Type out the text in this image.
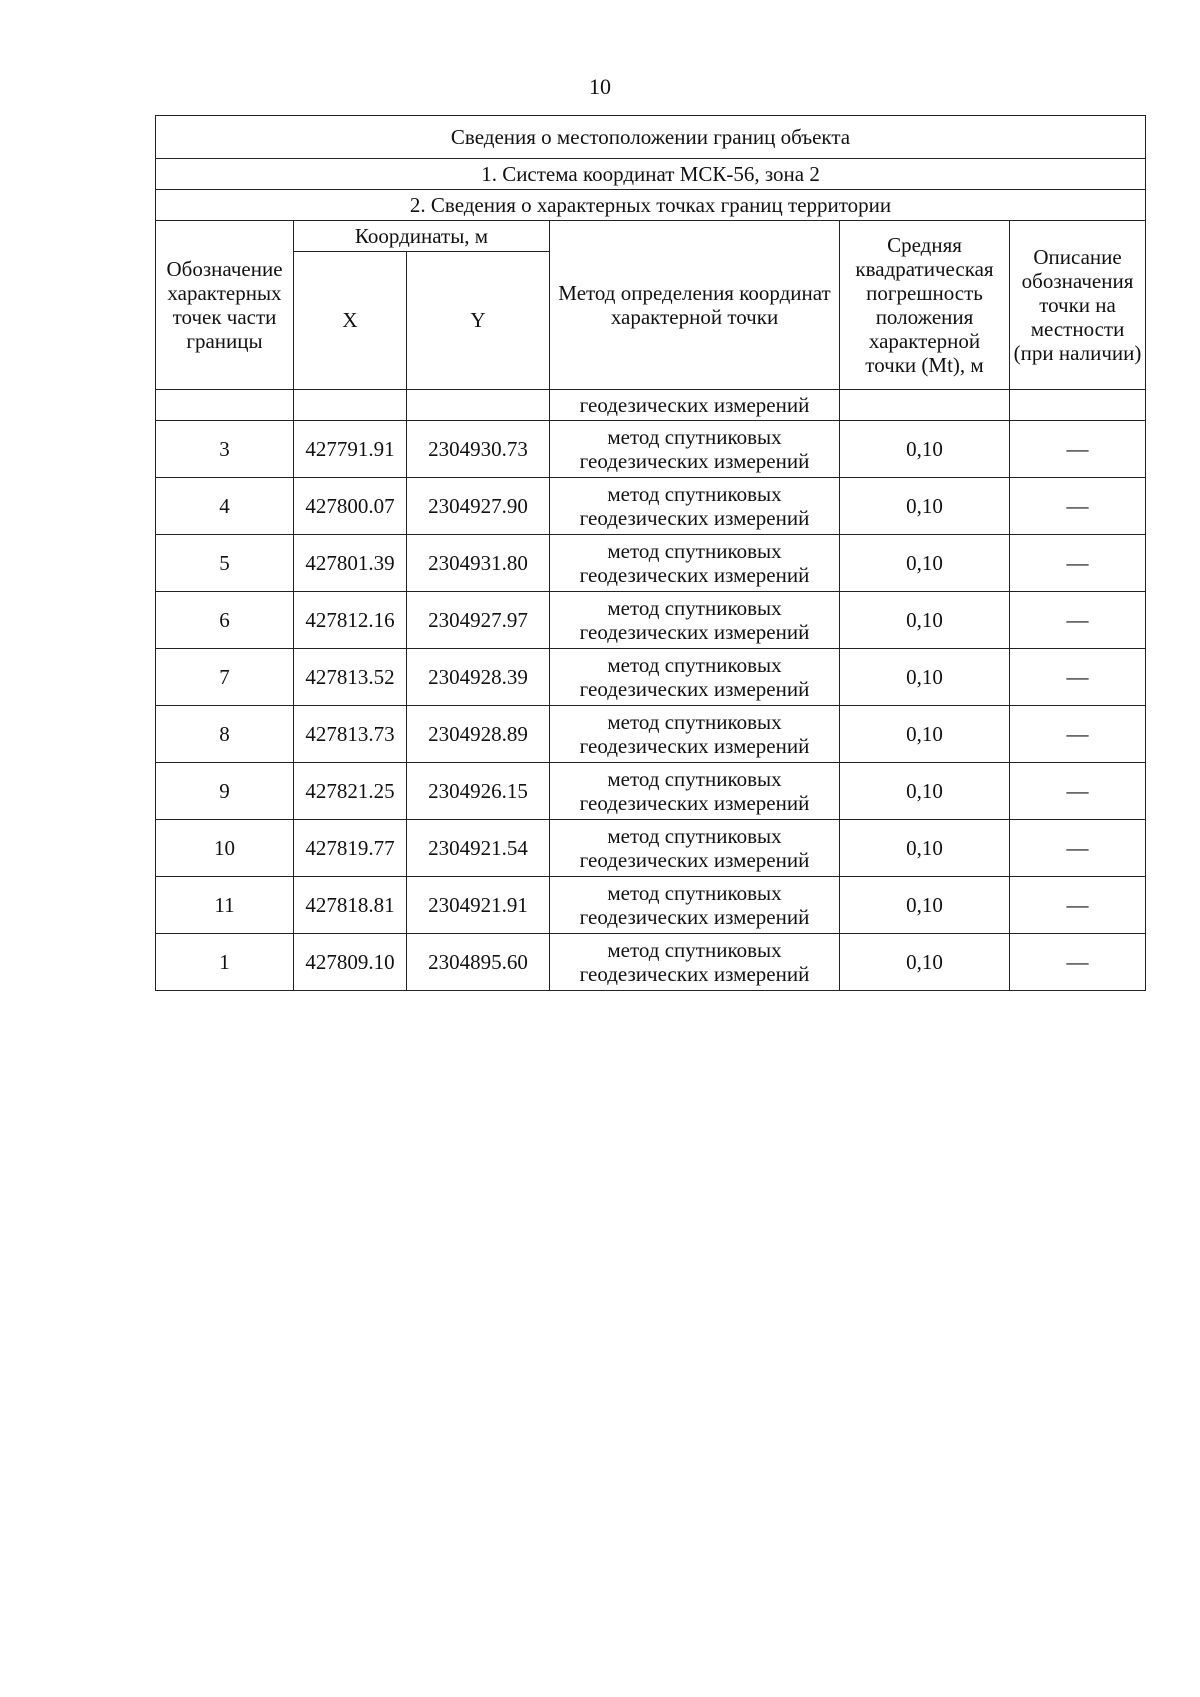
10
Сведения о местоположении границ объекта					
1. Система координат МСК-56, зона 2					
2. Сведения о характерных точках границ территории					
Обозначение характерных точек части границы	Координаты, м		Метод определения координат характерной точки	Средняя квадратическая погрешность положения характерной точки (Mt), м	Описание обозначения точки на местности (при наличии)
	X	Y			
			геодезических измерений		
3	427791.91	2304930.73	метод спутниковых геодезических измерений	0,10	—
4	427800.07	2304927.90	метод спутниковых геодезических измерений	0,10	—
5	427801.39	2304931.80	метод спутниковых геодезических измерений	0,10	—
6	427812.16	2304927.97	метод спутниковых геодезических измерений	0,10	—
7	427813.52	2304928.39	метод спутниковых геодезических измерений	0,10	—
8	427813.73	2304928.89	метод спутниковых геодезических измерений	0,10	—
9	427821.25	2304926.15	метод спутниковых геодезических измерений	0,10	—
10	427819.77	2304921.54	метод спутниковых геодезических измерений	0,10	—
11	427818.81	2304921.91	метод спутниковых геодезических измерений	0,10	—
1	427809.10	2304895.60	метод спутниковых геодезических измерений	0,10	—
